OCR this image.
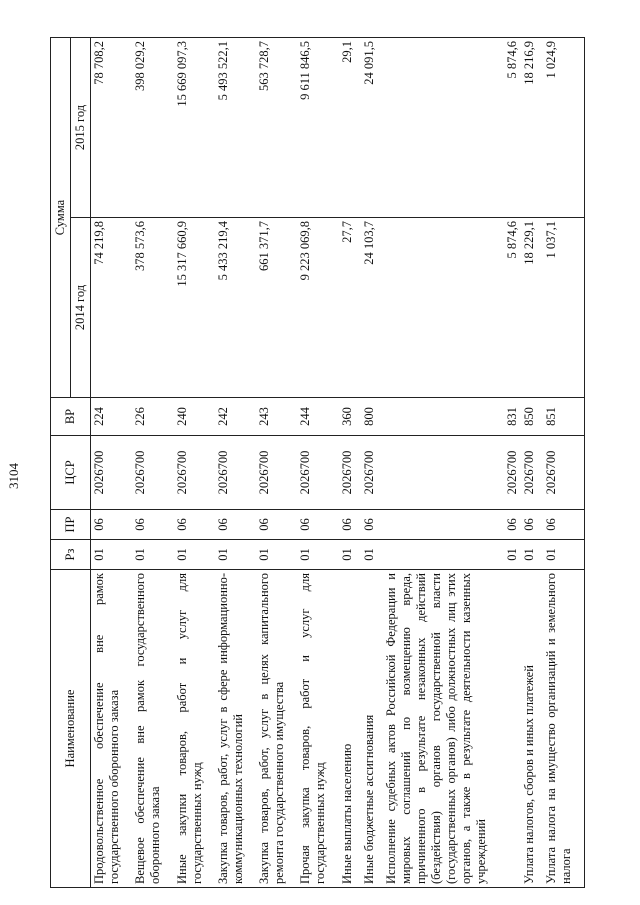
3104
Наименование	Рз	ПР	ЦСР	ВР	Сумма	
					2014 год	2015 год
Продовольственное обеспечение вне рамок государственного оборонного заказа	01	06	2026700	224	74 219,8	78 708,2
Вещевое обеспечение вне рамок государственного оборонного заказа	01	06	2026700	226	378 573,6	398 029,2
Иные закупки товаров, работ и услуг для государственных нужд	01	06	2026700	240	15 317 660,9	15 669 097,3
Закупка товаров, работ, услуг в сфере информационно-коммуникационных технологий	01	06	2026700	242	5 433 219,4	5 493 522,1
Закупка товаров, работ, услуг в целях капитального ремонта государственного имущества	01	06	2026700	243	661 371,7	563 728,7
Прочая закупка товаров, работ и услуг для государственных нужд	01	06	2026700	244	9 223 069,8	9 611 846,5
Иные выплаты населению	01	06	2026700	360	27,7	29,1
Иные бюджетные ассигнования	01	06	2026700	800	24 103,7	24 091,5
Исполнение судебных актов Российской Федерации и мировых соглашений по возмещению вреда, причиненного в результате незаконных действий (бездействия) органов государственной власти (государственных органов) либо должностных лиц этих органов, а также в результате деятельности казенных учреждений	01	06	2026700	831	5 874,6	5 874,6
Уплата налогов, сборов и иных платежей	01	06	2026700	850	18 229,1	18 216,9
Уплата налога на имущество организаций и земельного налога	01	06	2026700	851	1 037,1	1 024,9
